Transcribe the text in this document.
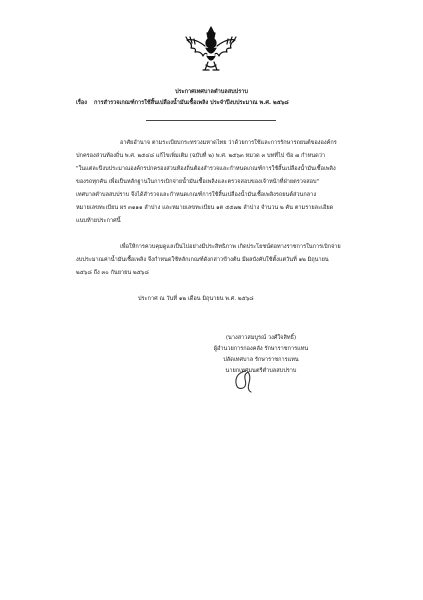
ประกาศเทศบาลตำบลสบปราบ
เรื่อง การสำรวจเกณฑ์การใช้สิ้นเปลืองน้ำมันเชื้อเพลิง ประจำปีงบประมาณ พ.ศ. ๒๕๖๘
อาศัยอำนาจ ตามระเบียบกระทรวงมหาดไทย ว่าด้วยการใช้และการรักษารถยนต์ขององค์กร
ปกครองส่วนท้องถิ่น พ.ศ. ๒๕๔๘ แก้ไขเพิ่มเติม (ฉบับที่ ๒) พ.ศ. ๒๕๖๓ หมวด ๓ บทที่ไป ข้อ ๗ กำหนดว่า
"ในแต่ละปีงบประมาณองค์กรปกครองส่วนท้องถิ่นต้องสำรวจและกำหนดเกณฑ์การใช้สิ้นเปลืองน้ำมันเชื้อเพลิง
ของรถทุกคัน เพื่อเป็นหลักฐานในการเบิกจ่ายน้ำมันเชื้อเพลิงและตรวจสอบของเจ้าหน้าที่ฝ่ายตรวจสอบ"
เทศบาลตำบลสบปราบ จึงได้สำรวจและกำหนดเกณฑ์การใช้สิ้นเปลืองน้ำมันเชื้อเพลิงรถยนต์ส่วนกลาง
หมายเลขทะเบียน ผร ๓๑๑๑ ลำปาง และหมายเลขทะเบียน ๑ต ๕๕๗๒ ลำปาง จำนวน ๒ คัน ตามรายละเอียด
แนบท้ายประกาศนี้
เพื่อให้การควบคุมดูแลเป็นไปอย่างมีประสิทธิภาพ เกิดประโยชน์ต่อทางราชการในการเบิกจ่าย
งบประมาณค่าน้ำมันเชื้อเพลิง จึงกำหนดใช้หลักเกณฑ์ดังกล่าวข้างต้น มีผลบังคับใช้ตั้งแต่วันที่ ๑๒ มิถุนายน
๒๕๖๘ ถึง ๓๐ กันยายน ๒๕๖๘
ประกาศ ณ วันที่ ๑๒ เดือน มิถุนายน พ.ศ. ๒๕๖๘
(นางสาวสมบูรณ์ วงศ์ใจสิทธิ์)
ผู้อำนวยการกองคลัง รักษาราชการแทน
ปลัดเทศบาล รักษาราชการแทน
นายกเทศมนตรีตำบลสบปราบ
